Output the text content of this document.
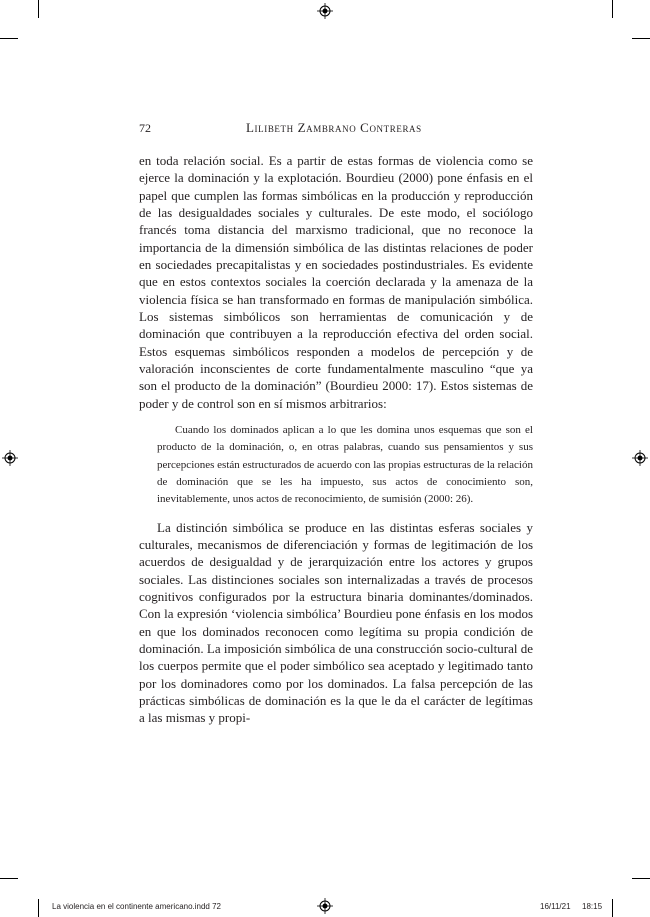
72	Lilibeth Zambrano Contreras

en toda relación social. Es a partir de estas formas de violencia como se ejerce la dominación y la explotación. Bourdieu (2000) pone énfasis en el papel que cumplen las formas simbólicas en la producción y reproducción de las desigualdades sociales y culturales. De este modo, el sociólogo francés toma distancia del marxismo tradicional, que no reconoce la importancia de la dimensión simbólica de las distintas relaciones de poder en sociedades precapitalistas y en sociedades postindustriales. Es evidente que en estos contextos sociales la coerción declarada y la amenaza de la violencia física se han transformado en formas de manipulación simbólica. Los sistemas simbólicos son herramientas de comunicación y de dominación que contribuyen a la reproducción efectiva del orden social. Estos esquemas simbólicos responden a modelos de percepción y de valoración inconscientes de corte fundamentalmente masculino “que ya son el producto de la dominación” (Bourdieu 2000: 17). Estos sistemas de poder y de control son en sí mismos arbitrarios:

Cuando los dominados aplican a lo que les domina unos esquemas que son el producto de la dominación, o, en otras palabras, cuando sus pensamientos y sus percepciones están estructurados de acuerdo con las propias estructuras de la relación de dominación que se les ha impuesto, sus actos de conocimiento son, inevitablemente, unos actos de reconocimiento, de sumisión (2000: 26).

La distinción simbólica se produce en las distintas esferas sociales y culturales, mecanismos de diferenciación y formas de legitimación de los acuerdos de desigualdad y de jerarquización entre los actores y grupos sociales. Las distinciones sociales son internalizadas a través de procesos cognitivos configurados por la estructura binaria dominantes/dominados. Con la expresión ‘violencia simbólica’ Bourdieu pone énfasis en los modos en que los dominados reconocen como legítima su propia condición de dominación. La imposición simbólica de una construcción socio-cultural de los cuerpos permite que el poder simbólico sea aceptado y legitimado tanto por los dominadores como por los dominados. La falsa percepción de las prácticas simbólicas de dominación es la que le da el carácter de legítimas a las mismas y propi-

La violencia en el continente americano.indd 72	16/11/21 18:15
